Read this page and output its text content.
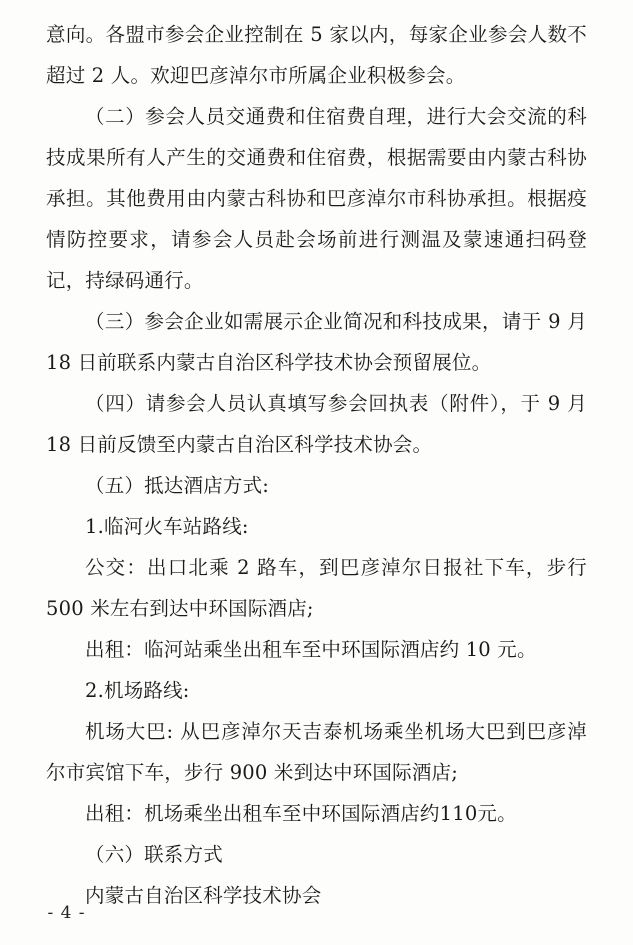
意向。各盟市参会企业控制在 5 家以内，每家企业参会人数不超过 2 人。欢迎巴彦淖尔市所属企业积极参会。

（二）参会人员交通费和住宿费自理，进行大会交流的科技成果所有人产生的交通费和住宿费，根据需要由内蒙古科协承担。其他费用由内蒙古科协和巴彦淖尔市科协承担。根据疫情防控要求，请参会人员赴会场前进行测温及蒙速通扫码登记，持绿码通行。

（三）参会企业如需展示企业简况和科技成果，请于 9 月 18 日前联系内蒙古自治区科学技术协会预留展位。

（四）请参会人员认真填写参会回执表（附件），于 9 月 18 日前反馈至内蒙古自治区科学技术协会。

（五）抵达酒店方式:

1.临河火车站路线:

公交：出口北乘 2 路车，到巴彦淖尔日报社下车，步行 500 米左右到达中环国际酒店;

出租：临河站乘坐出租车至中环国际酒店约 10 元。

2.机场路线:

机场大巴: 从巴彦淖尔天吉泰机场乘坐机场大巴到巴彦淖尔市宾馆下车，步行 900 米到达中环国际酒店;

出租：机场乘坐出租车至中环国际酒店约110元。

（六）联系方式

内蒙古自治区科学技术协会

- 4 -
